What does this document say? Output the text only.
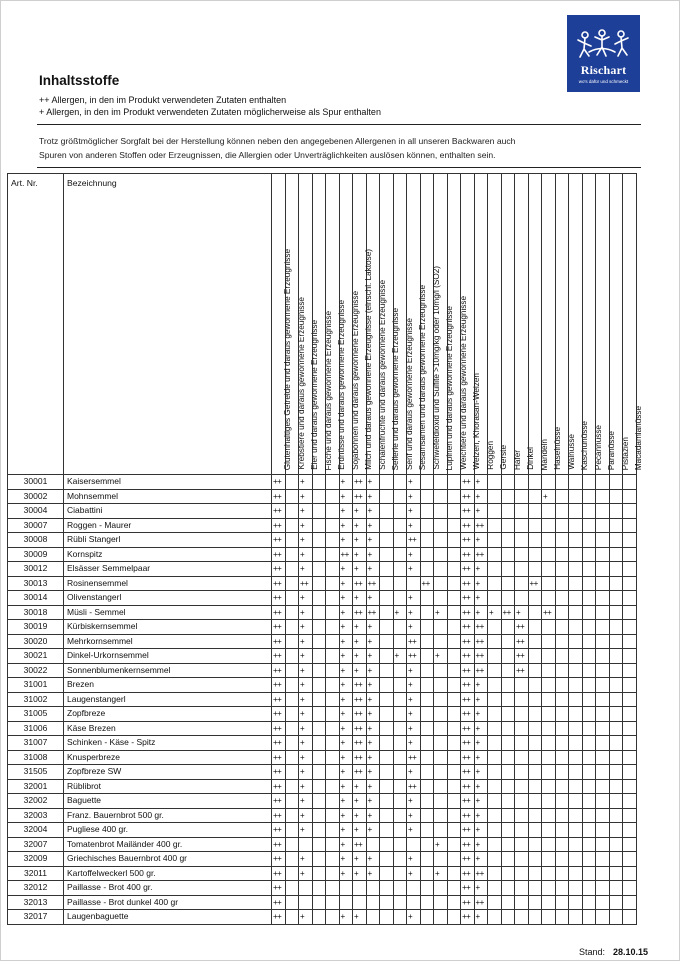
Rischart
wo's dafür und schmeckt
Inhaltsstoffe
++ Allergen, in den im Produkt verwendeten Zutaten enthalten
+ Allergen, in den im Produkt verwendeten Zutaten möglicherweise als Spur enthalten
Trotz größtmöglicher Sorgfalt bei der Herstellung können neben den angegebenen Allergenen in all unseren Backwaren auch
Spuren von anderen Stoffen oder Erzeugnissen, die Allergien oder Unverträglichkeiten auslösen können, enthalten sein.
Art. Nr.	Bezeichnung	Glutenhaltiges Getreide und daraus gewonnene Erzeugnisse	Krebstiere und daraus gewonnene Erzeugnisse	Eier und daraus gewonnene Erzeugnisse	Fische und daraus gewonnene Erzeugnisse	Erdnüsse und daraus gewonnene Erzeugnisse	Sojabohnen und daraus gewonnene Erzeugnisse	Milch und daraus gewonnene Erzeugnisse (einschl. Laktose)	Schalenfrüchte und daraus gewonnene Erzeugnisse	Sellerie und daraus gewonnene Erzeugnisse	Senf und daraus gewonnene Erzeugnisse	Sesamsamen und daraus gewonnene Erzeugnisse	Schwefeldioxid und Sulfite >10mg/kg oder 10mg/l (SO2)	Lupinen und daraus gewonnene Erzeugnisse	Weichtiere und daraus gewonnene Erzeugnisse	Weizen, Khorasan-Weizen	Roggen	Gerste	Hafer	Dinkel	Mandeln	Haselnüsse	Walnüsse	Kaschunüsse	Pecannüsse	Paranüsse	Pistazien	Macadamianüsse

30001	Kaisersemmel	++		+			+	++	+			+				++	+											
30002	Mohnsemmel	++		+			+	++	+			+				++	+					+						
30004	Ciabattini	++		+			+	+	+			+				++	+											
30007	Roggen - Maurer	++		+			+	+	+			+				++	++											
30008	Rübli Stangerl	++		+			+	+	+			++				++	+											
30009	Kornspitz	++		+			++	+	+			+				++	++											
30012	Elsässer Semmelpaar	++		+			+	+	+			+				++	+											
30013	Rosinensemmel	++		++			+	++	++				++			++	+				++							
30014	Olivenstangerl	++		+			+	+	+			+				++	+											
30018	Müsli - Semmel	++		+			+	++	++		+	+		+		++	+	+	++	+		++						
30019	Kürbiskernsemmel	++		+			+	+	+			+				++	++			++								
30020	Mehrkornsemmel	++		+			+	+	+			++				++	++			++								
30021	Dinkel-Urkornsemmel	++		+			+	+	+		+	++		+		++	++			++								
30022	Sonnenblumenkernsemmel	++		+			+	+	+			+				++	++			++								
31001	Brezen	++		+			+	++	+			+				++	+											
31002	Laugenstangerl	++		+			+	++	+			+				++	+											
31005	Zopfbreze	++		+			+	++	+			+				++	+											
31006	Käse Brezen	++		+			+	++	+			+				++	+											
31007	Schinken - Käse - Spitz	++		+			+	++	+			+				++	+											
31008	Knusperbreze	++		+			+	++	+			++				++	+											
31505	Zopfbreze SW	++		+			+	++	+			+				++	+											
32001	Rüblibrot	++		+			+	+	+			++				++	+											
32002	Baguette	++		+			+	+	+			+				++	+											
32003	Franz. Bauernbrot 500 gr.	++		+			+	+	+			+				++	+											
32004	Pugliese 400 gr.	++		+			+	+	+			+				++	+											
32007	Tomatenbrot Mailänder 400 gr.	++					+	++						+		++	+											
32009	Griechisches Bauernbrot 400 gr	++		+			+	+	+			+				++	+											
32011	Kartoffelweckerl 500 gr.	++		+			+	+	+			+		+		++	++											
32012	Paillasse - Brot 400 gr.	++														++	+											
32013	Paillasse - Brot dunkel 400 gr	++														++	++											
32017	Laugenbaguette	++		+			+	+				+				++	+											
Stand: 28.10.15
